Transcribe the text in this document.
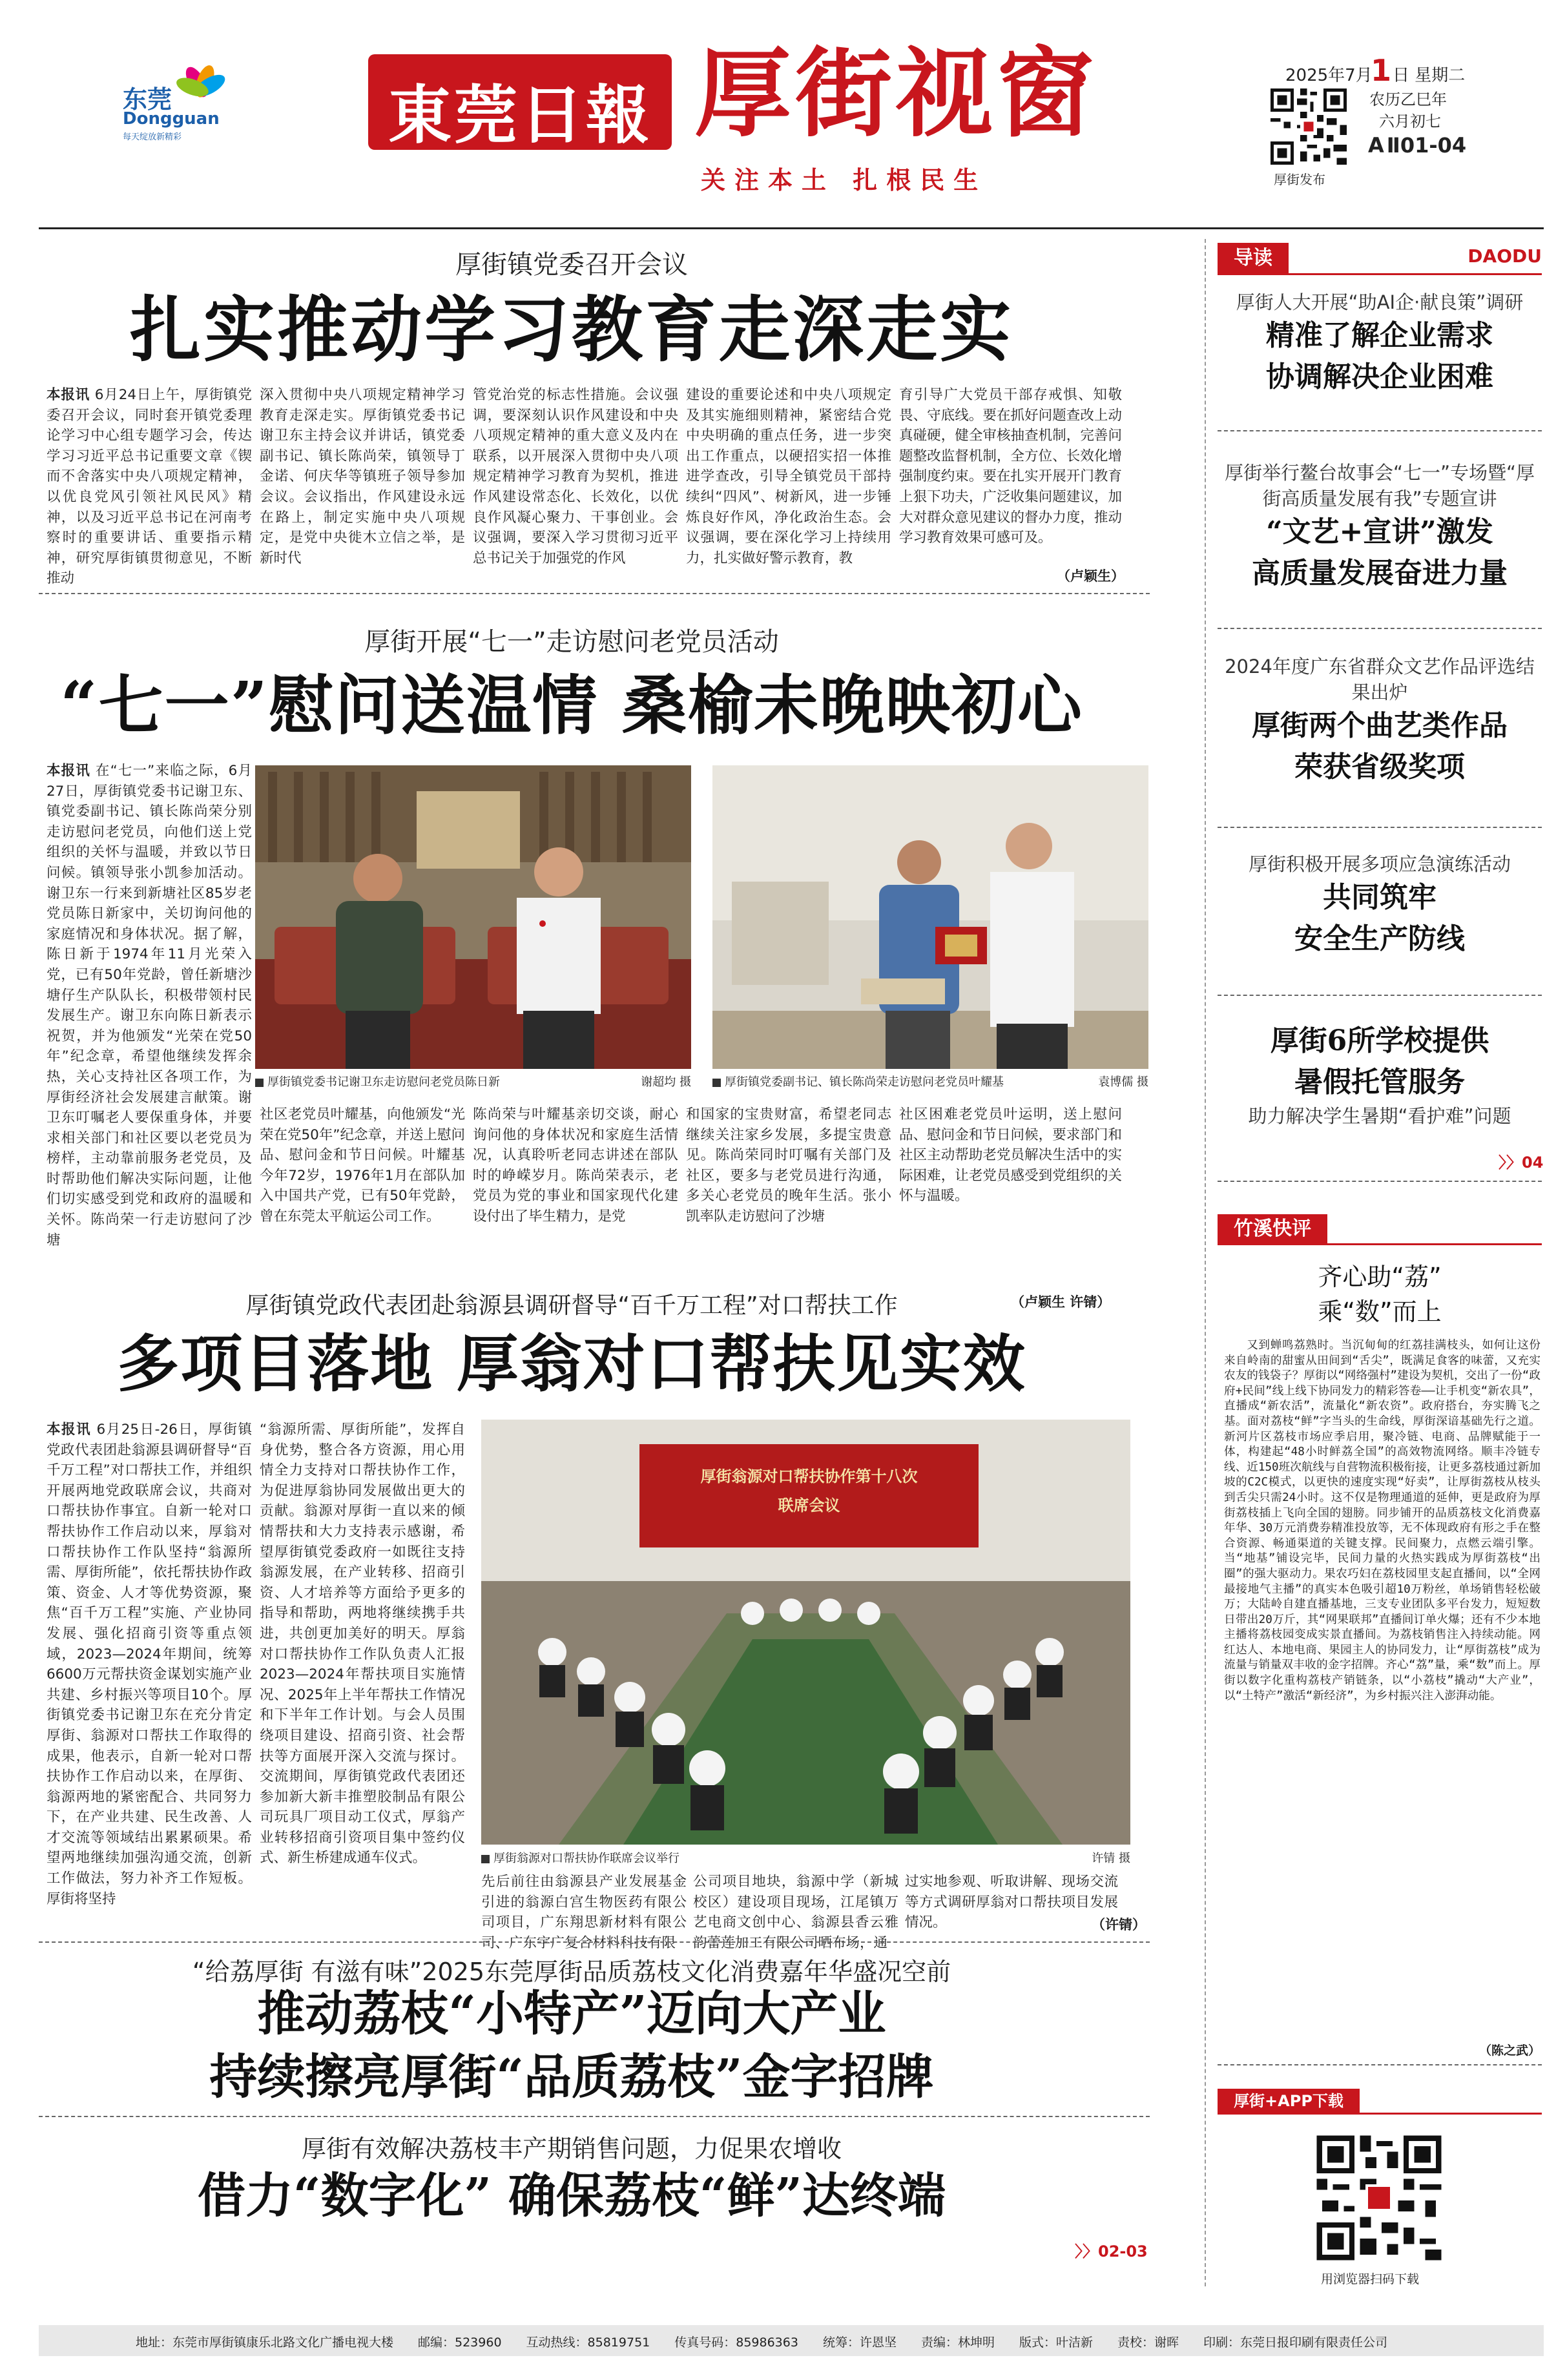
东莞
Dongguan
每天绽放新精彩	東莞日報 厚街视窗
关注本土 扎根民生
2025年7月
1 日 星期二
厚街发布
农历乙巳年
六月初七
A Ⅱ01-04
厚街镇党委召开会议
扎实推动学习教育走深走实
本报讯 6月24日上午，厚街镇党委召开会议，同时套开镇党委理论学习中心组专题学习会，传达学习习近平总书记重要文章《锲而不舍落实中央八项规定精神，以优良党风引领社风民风》精神，以及习近平总书记在河南考察时的重要讲话、重要指示精神，研究厚街镇贯彻意见，不断推动
深入贯彻中央八项规定精神学习教育走深走实。厚街镇党委书记谢卫东主持会议并讲话，镇党委副书记、镇长陈尚荣，镇领导丁金诺、何庆华等镇班子领导参加会议。会议指出，作风建设永远在路上，制定实施中央八项规定，是党中央徙木立信之举，是新时代
管党治党的标志性措施。会议强调，要深刻认识作风建设和中央八项规定精神的重大意义及内在联系，以开展深入贯彻中央八项规定精神学习教育为契机，推进作风建设常态化、长效化，以优良作风凝心聚力、干事创业。会议强调，要深入学习贯彻习近平总书记关于加强党的作风
建设的重要论述和中央八项规定及其实施细则精神，紧密结合党中央明确的重点任务，进一步突出工作重点，以硬招实招一体推进学查改，引导全镇党员干部持续纠“四风”、树新风，进一步锤炼良好作风，净化政治生态。会议强调，要在深化学习上持续用力，扎实做好警示教育，教
育引导广大党员干部存戒惧、知敬畏、守底线。要在抓好问题查改上动真碰硬，健全审核抽查机制，完善问题整改监督机制，全方位、长效化增强制度约束。要在扎实开展开门教育上狠下功夫，广泛收集问题建议，加大对群众意见建议的督办力度，推动学习教育效果可感可及。
（卢颖生）
厚街开展“七一”走访慰问老党员活动
“七一”慰问送温情 桑榆未晚映初心
本报讯 在“七一”来临之际，6月27日，厚街镇党委书记谢卫东、镇党委副书记、镇长陈尚荣分别走访慰问老党员，向他们送上党组织的关怀与温暖，并致以节日问候。镇领导张小凯参加活动。谢卫东一行来到新塘社区85岁老党员陈日新家中，关切询问他的家庭情况和身体状况。据了解，陈日新于1974年11月光荣入党，已有50年党龄，曾任新塘沙塘仔生产队队长，积极带领村民发展生产。谢卫东向陈日新表示祝贺，并为他颁发“光荣在党50年”纪念章，希望他继续发挥余热，关心支持社区各项工作，为厚街经济社会发展建言献策。谢卫东叮嘱老人要保重身体，并要求相关部门和社区要以老党员为榜样，主动靠前服务老党员，及时帮助他们解决实际问题，让他们切实感受到党和政府的温暖和关怀。陈尚荣一行走访慰问了沙塘
厚街镇党委书记谢卫东走访慰问老党员陈日新	谢超均 摄	厚街镇党委副书记、镇长陈尚荣走访慰问老党员叶耀基	袁博儒 摄
社区老党员叶耀基，向他颁发“光荣在党50年”纪念章，并送上慰问品、慰问金和节日问候。叶耀基今年72岁，1976年1月在部队加入中国共产党，已有50年党龄，曾在东莞太平航运公司工作。
陈尚荣与叶耀基亲切交谈，耐心询问他的身体状况和家庭生活情况，认真聆听老同志讲述在部队时的峥嵘岁月。陈尚荣表示，老党员为党的事业和国家现代化建设付出了毕生精力，是党
和国家的宝贵财富，希望老同志继续关注家乡发展，多提宝贵意见。陈尚荣同时叮嘱有关部门及社区，要多与老党员进行沟通，多关心老党员的晚年生活。张小凯率队走访慰问了沙塘
社区困难老党员叶运明，送上慰问品、慰问金和节日问候，要求部门和社区主动帮助老党员解决生活中的实际困难，让老党员感受到党组织的关怀与温暖。
（卢颖生 许锖）
厚街镇党政代表团赴翁源县调研督导“百千万工程”对口帮扶工作
多项目落地 厚翁对口帮扶见实效
本报讯 6月25日-26日，厚街镇党政代表团赴翁源县调研督导“百千万工程”对口帮扶工作，并组织开展两地党政联席会议，共商对口帮扶协作事宜。自新一轮对口帮扶协作工作启动以来，厚翁对口帮扶协作工作队坚持“翁源所需、厚街所能”，依托帮扶协作政策、资金、人才等优势资源，聚焦“百千万工程”实施、产业协同发展、强化招商引资等重点领域，2023—2024年期间，统筹6600万元帮扶资金谋划实施产业共建、乡村振兴等项目10个。厚街镇党委书记谢卫东在充分肯定厚街、翁源对口帮扶工作取得的成果，他表示，自新一轮对口帮扶协作工作启动以来，在厚街、翁源两地的紧密配合、共同努力下，在产业共建、民生改善、人才交流等领域结出累累硕果。希望两地继续加强沟通交流，创新工作做法，努力补齐工作短板。厚街将坚持
“翁源所需、厚街所能”，发挥自身优势，整合各方资源，用心用情全力支持对口帮扶协作工作，为促进厚翁协同发展做出更大的贡献。翁源对厚街一直以来的倾情帮扶和大力支持表示感谢，希望厚街镇党委政府一如既往支持翁源发展，在产业转移、招商引资、人才培养等方面给予更多的指导和帮助，两地将继续携手共进，共创更加美好的明天。厚翁对口帮扶协作工作队负责人汇报2023—2024年帮扶项目实施情况、2025年上半年帮扶工作情况和下半年工作计划。与会人员围绕项目建设、招商引资、社会帮扶等方面展开深入交流与探讨。交流期间，厚街镇党政代表团还参加新大新丰推塑胶制品有限公司玩具厂项目动工仪式，厚翁产业转移招商引资项目集中签约仪式、新生桥建成通车仪式。
厚街翁源对口帮扶协作第十八次
联席会议
厚街翁源对口帮扶协作联席会议举行	许锖 摄
先后前往由翁源县产业发展基金引进的翁源白宫生物医药有限公司项目，广东翔思新材料有限公司、广东宇广复合材料科技有限
公司项目地块，翁源中学（新城校区）建设项目现场，江尾镇万艺电商文创中心、翁源县香云雅韵蕾莲加工有限公司晒布场，通
过实地参观、听取讲解、现场交流等方式调研厚翁对口帮扶项目发展情况。	（许锖）
“给荔厚街 有滋有味”2025东莞厚街品质荔枝文化消费嘉年华盛况空前
推动荔枝“小特产”迈向大产业
持续擦亮厚街“品质荔枝”金字招牌
厚街有效解决荔枝丰产期销售问题，力促果农增收
借力“数字化” 确保荔枝“鲜”达终端
〉〉02-03
导读	DAODU
厚街人大开展“助AI企·献良策”调研
精准了解企业需求
协调解决企业困难
厚街举行鳌台故事会“七一”专场暨“厚街高质量发展有我”专题宣讲
“文艺+宣讲”激发
高质量发展奋进力量
2024年度广东省群众文艺作品评选结果出炉
厚街两个曲艺类作品
荣获省级奖项
厚街积极开展多项应急演练活动
共同筑牢
安全生产防线
厚街6所学校提供
暑假托管服务
助力解决学生暑期“看护难”问题
〉〉04
竹溪快评
齐心助“荔”
乘“数”而上
又到蝉鸣荔熟时。当沉甸甸的红荔挂满枝头，如何让这份来自岭南的甜蜜从田间到“舌尖”，既满足食客的味蕾，又充实农友的钱袋子？厚街以“网络强村”建设为契机，交出了一份“政府+民间”线上线下协同发力的精彩答卷——让手机变“新农具”，直播成“新农活”，流量化“新农资”。政府搭台，夯实腾飞之基。面对荔枝“鲜”字当头的生命线，厚街深谙基础先行之道。新河片区荔枝市场应季启用，聚冷链、电商、品牌赋能于一体，构建起“48小时鲜荔全国”的高效物流网络。顺丰冷链专线、近150班次航线与自营物流积极衔接，让更多荔枝通过新加坡的C2C模式，以更快的速度实现“好卖”，让厚街荔枝从枝头到舌尖只需24小时。这不仅是物理通道的延伸，更是政府为厚街荔枝插上飞向全国的翅膀。同步铺开的品质荔枝文化消费嘉年华、30万元消费券精准投放等，无不体现政府有形之手在整合资源、畅通渠道的关键支撑。民间聚力，点燃云端引擎。当“地基”铺设完毕，民间力量的火热实践成为厚街荔枝“出圈”的强大驱动力。果农巧妇在荔枝园里支起直播间，以“全网最接地气主播”的真实本色吸引超10万粉丝，单场销售轻松破万；大陆岭自建直播基地，三支专业团队多平台发力，短短数日带出20万斤，其“网果联邦”直播间订单火爆；还有不少本地主播将荔枝园变成实景直播间。为荔枝销售注入持续动能。网红达人、本地电商、果园主人的协同发力，让“厚街荔枝”成为流量与销量双丰收的金字招牌。齐心“荔”量，乘“数”而上。厚街以数字化重构荔枝产销链条，以“小荔枝”撬动“大产业”，以“土特产”激活“新经济”，为乡村振兴注入澎湃动能。
（陈之武）
厚街+APP下载
用浏览器扫码下载
地址：东莞市厚街镇康乐北路文化广播电视大楼　　邮编：523960　　互动热线：85819751　　传真号码：85986363　　统筹：许恩坚　　责编：林坤明　　版式：叶洁新　　责校：谢晖　　印刷：东莞日报印刷有限责任公司
